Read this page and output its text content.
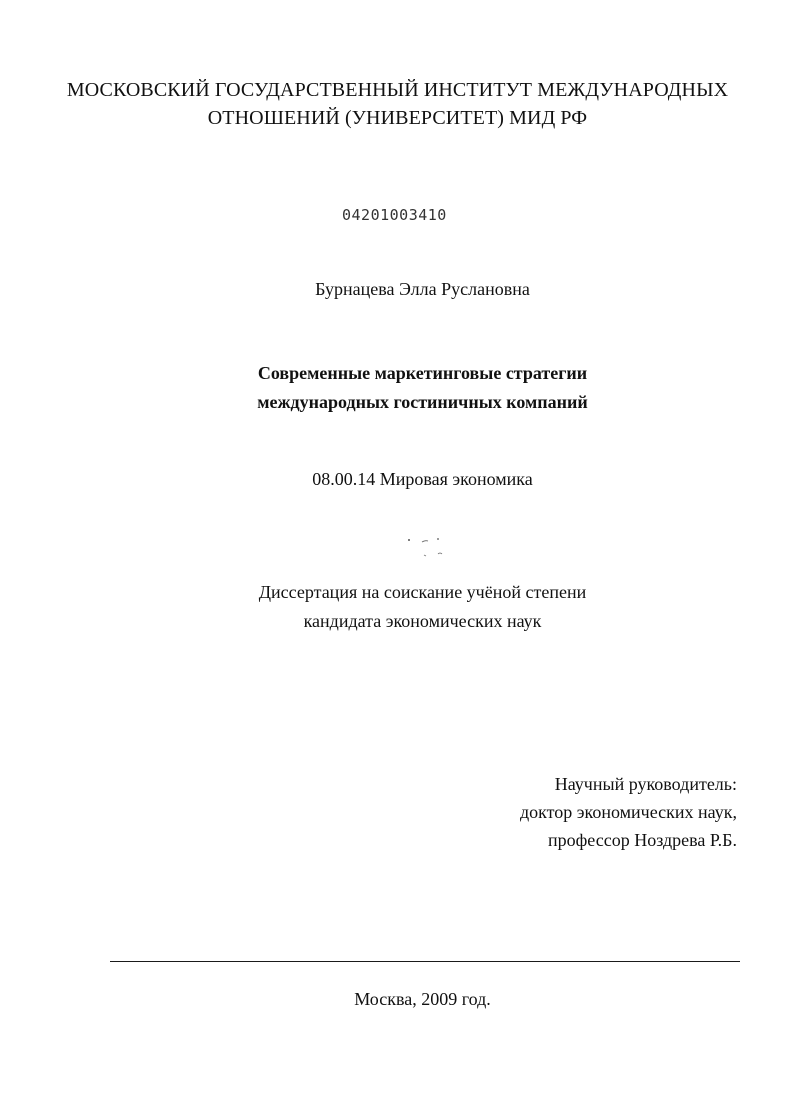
МОСКОВСКИЙ ГОСУДАРСТВЕННЫЙ ИНСТИТУТ МЕЖДУНАРОДНЫХ
ОТНОШЕНИЙ (УНИВЕРСИТЕТ) МИД РФ
04201003410
Бурнацева Элла Руслановна
Современные маркетинговые стратегии
международных гостиничных компаний
08.00.14 Мировая экономика
Диссертация на соискание учёной степени
кандидата экономических наук
Научный руководитель:
доктор экономических наук,
профессор Ноздрева Р.Б.
Москва, 2009 год.
